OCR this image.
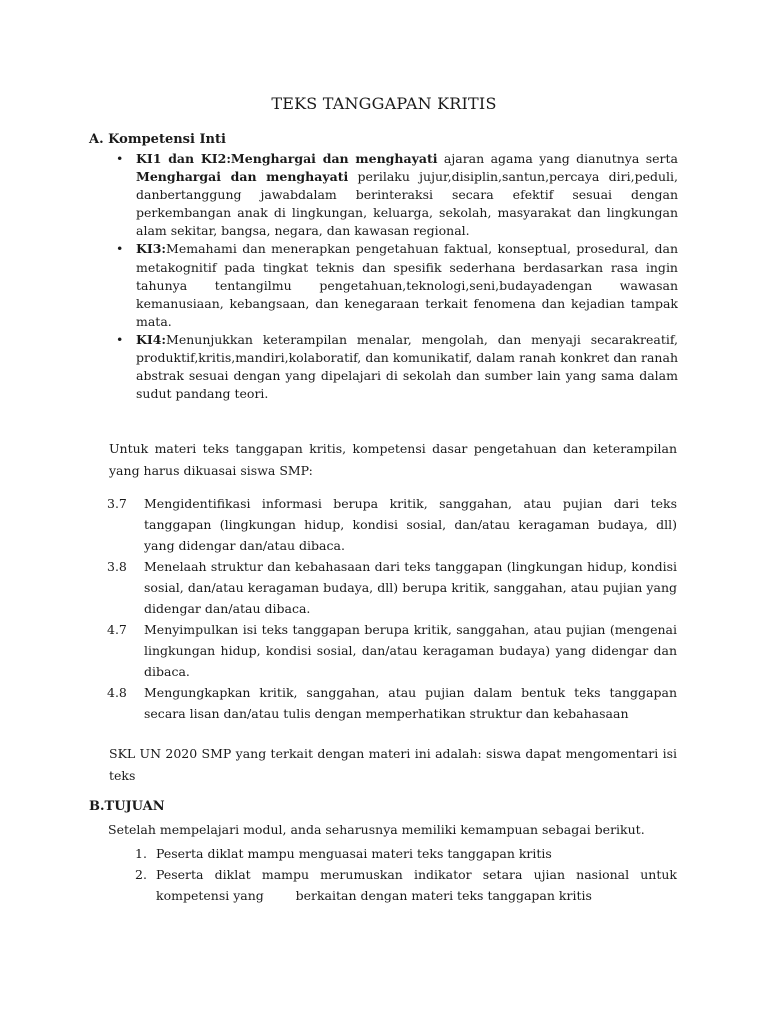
TEKS TANGGAPAN KRITIS
A. Kompetensi Inti
• KI1 dan KI2:Menghargai dan menghayati ajaran agama yang dianutnya serta Menghargai dan menghayati perilaku jujur,disiplin,santun,percaya diri,peduli, danbertanggung jawabdalam berinteraksi secara efektif sesuai dengan perkembangan anak di lingkungan, keluarga, sekolah, masyarakat dan lingkungan alam sekitar, bangsa, negara, dan kawasan regional.
• KI3:Memahami dan menerapkan pengetahuan faktual, konseptual, prosedural, dan metakognitif pada tingkat teknis dan spesifik sederhana berdasarkan rasa ingin tahunya tentangilmu pengetahuan,teknologi,seni,budayadengan wawasan kemanusiaan, kebangsaan, dan kenegaraan terkait fenomena dan kejadian tampak mata.
• KI4:Menunjukkan keterampilan menalar, mengolah, dan menyaji secarakreatif, produktif,kritis,mandiri,kolaboratif, dan komunikatif, dalam ranah konkret dan ranah abstrak sesuai dengan yang dipelajari di sekolah dan sumber lain yang sama dalam sudut pandang teori.
Untuk materi teks tanggapan kritis, kompetensi dasar pengetahuan dan keterampilan yang harus dikuasai siswa SMP:
3.7 Mengidentifikasi informasi berupa kritik, sanggahan, atau pujian dari teks tanggapan (lingkungan hidup, kondisi sosial, dan/atau keragaman budaya, dll) yang didengar dan/atau dibaca.
3.8 Menelaah struktur dan kebahasaan dari teks tanggapan (lingkungan hidup, kondisi sosial, dan/atau keragaman budaya, dll) berupa kritik, sanggahan, atau pujian yang didengar dan/atau dibaca.
4.7 Menyimpulkan isi teks tanggapan berupa kritik, sanggahan, atau pujian (mengenai lingkungan hidup, kondisi sosial, dan/atau keragaman budaya) yang didengar dan dibaca.
4.8 Mengungkapkan kritik, sanggahan, atau pujian dalam bentuk teks tanggapan secara lisan dan/atau tulis dengan memperhatikan struktur dan kebahasaan
SKL UN 2020 SMP yang terkait dengan materi ini adalah: siswa dapat mengomentari isi teks
B.TUJUAN
Setelah mempelajari modul, anda seharusnya memiliki kemampuan sebagai berikut.
1. Peserta diklat mampu menguasai materi teks tanggapan kritis
2. Peserta diklat mampu merumuskan indikator setara ujian nasional untuk kompetensi yang        berkaitan dengan materi teks tanggapan kritis
